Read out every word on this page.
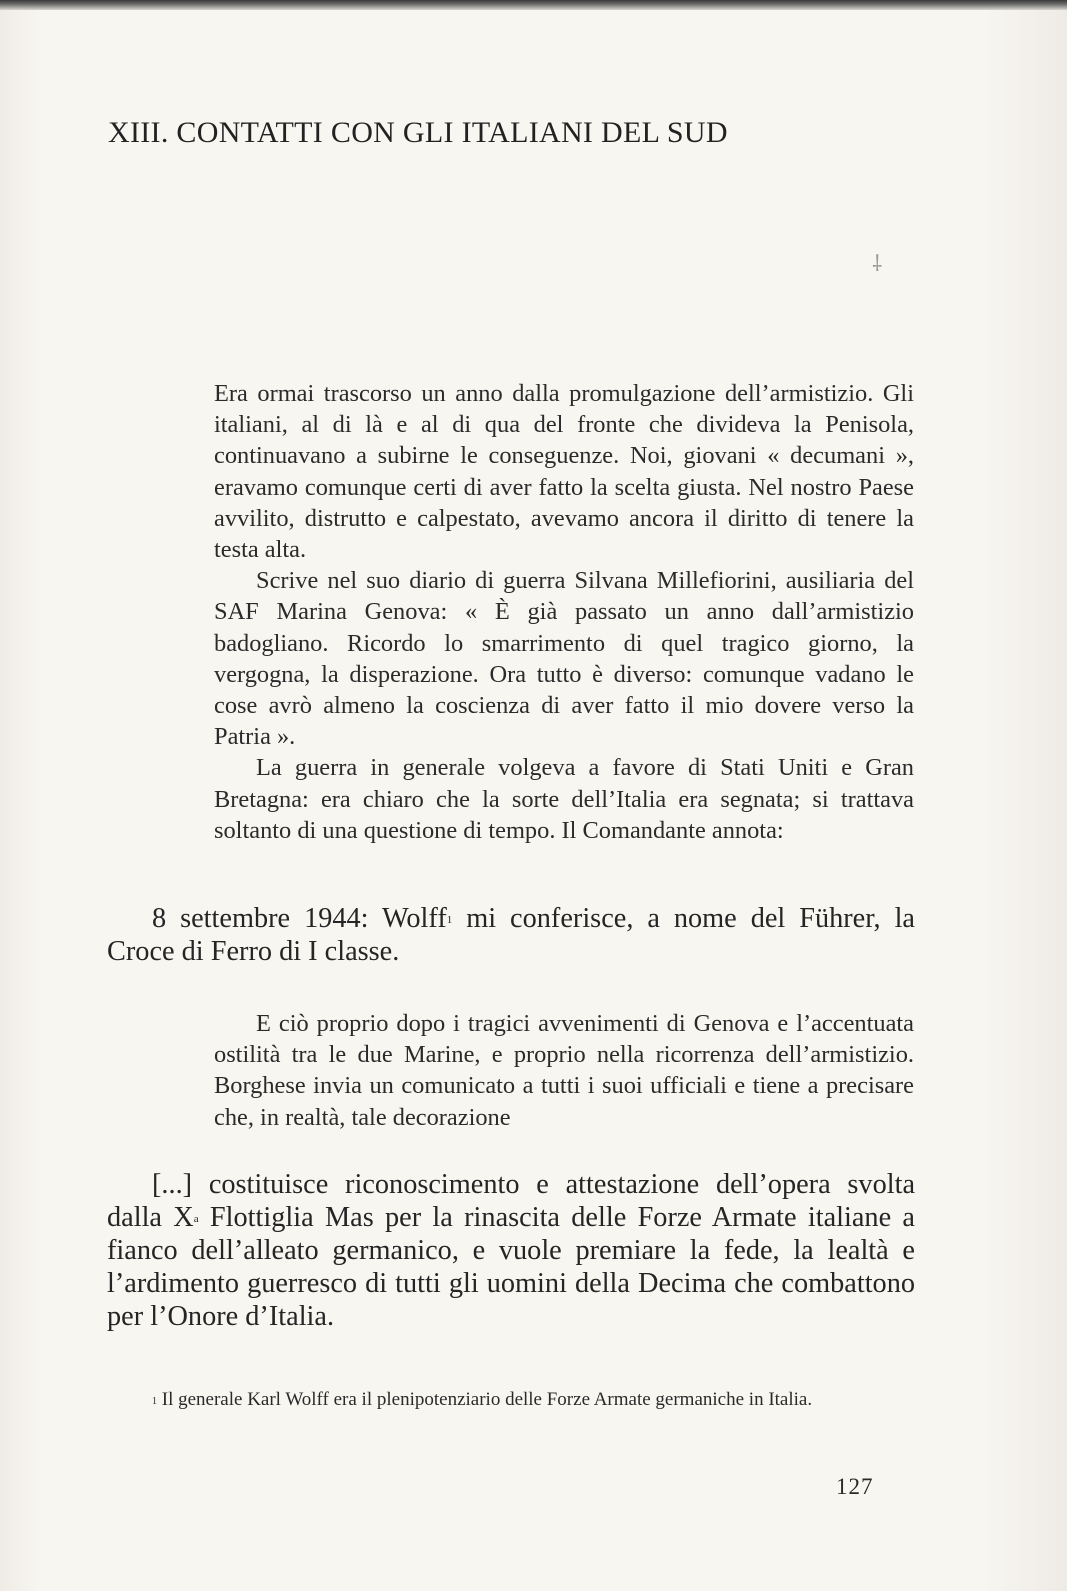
XIII. CONTATTI CON GLI ITALIANI DEL SUD
⸸

Era ormai trascorso un anno dalla promulgazione dell’armistizio. Gli italiani, al di là e al di qua del fronte che divideva la Penisola, continuavano a subirne le conseguenze. Noi, giovani « decumani », eravamo comunque certi di aver fatto la scelta giusta. Nel nostro Paese avvilito, distrutto e calpestato, avevamo ancora il diritto di tenere la testa alta.

Scrive nel suo diario di guerra Silvana Millefiorini, ausiliaria del SAF Marina Genova: « È già passato un anno dall’armistizio badogliano. Ricordo lo smarrimento di quel tragico giorno, la vergogna, la disperazione. Ora tutto è diverso: comunque vadano le cose avrò almeno la coscienza di aver fatto il mio dovere verso la Patria ».

La guerra in generale volgeva a favore di Stati Uniti e Gran Bretagna: era chiaro che la sorte dell’Italia era segnata; si trattava soltanto di una questione di tempo. Il Comandante annota:

8 settembre 1944: Wolff$^1$ mi conferisce, a nome del Führer, la Croce di Ferro di I classe.

E ciò proprio dopo i tragici avvenimenti di Genova e l’accentuata ostilità tra le due Marine, e proprio nella ricorrenza dell’armistizio. Borghese invia un comunicato a tutti i suoi ufficiali e tiene a precisare che, in realtà, tale decorazione

[...] costituisce riconoscimento e attestazione dell’opera svolta dalla $X^a$ Flottiglia Mas per la rinascita delle Forze Armate italiane a fianco dell’alleato germanico, e vuole premiare la fede, la lealtà e l’ardimento guerresco di tutti gli uomini della Decima che combattono per l’Onore d’Italia.

$^1$ Il generale Karl Wolff era il plenipotenziario delle Forze Armate germaniche in Italia.

127
